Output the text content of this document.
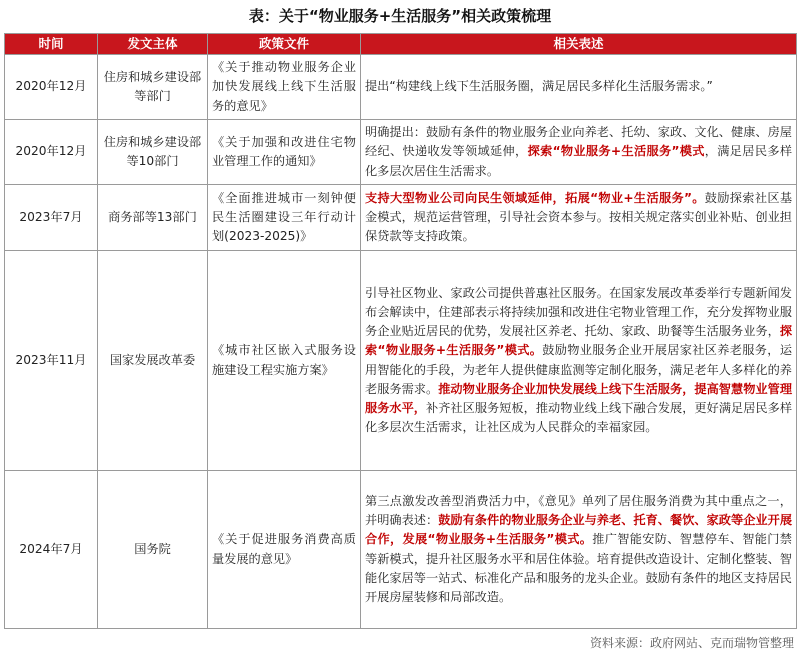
表：关于“物业服务+生活服务”相关政策梳理
时间	发文主体	政策文件	相关表述
2020年12月	住房和城乡建设部等部门	《关于推动物业服务企业加快发展线上线下生活服务的意见》	提出“构建线上线下生活服务圈，满足居民多样化生活服务需求。”
2020年12月	住房和城乡建设部等10部门	《关于加强和改进住宅物业管理工作的通知》	明确提出：鼓励有条件的物业服务企业向养老、托幼、家政、文化、健康、房屋经纪、快递收发等领域延伸，探索“物业服务+生活服务”模式，满足居民多样化多层次居住生活需求。
2023年7月	商务部等13部门	《全面推进城市一刻钟便民生活圈建设三年行动计划(2023-2025)》	支持大型物业公司向民生领域延伸，拓展“物业+生活服务”。鼓励探索社区基金模式，规范运营管理，引导社会资本参与。按相关规定落实创业补贴、创业担保贷款等支持政策。
2023年11月	国家发展改革委	《城市社区嵌入式服务设施建设工程实施方案》	引导社区物业、家政公司提供普惠社区服务。在国家发展改革委举行专题新闻发布会解读中，住建部表示将持续加强和改进住宅物业管理工作，充分发挥物业服务企业贴近居民的优势，发展社区养老、托幼、家政、助餐等生活服务业务，探索“物业服务+生活服务”模式。鼓励物业服务企业开展居家社区养老服务，运用智能化的手段，为老年人提供健康监测等定制化服务，满足老年人多样化的养老服务需求。推动物业服务企业加快发展线上线下生活服务，提高智慧物业管理服务水平，补齐社区服务短板，推动物业线上线下融合发展，更好满足居民多样化多层次生活需求，让社区成为人民群众的幸福家园。
2024年7月	国务院	《关于促进服务消费高质量发展的意见》	第三点激发改善型消费活力中，《意见》单列了居住服务消费为其中重点之一，并明确表述：鼓励有条件的物业服务企业与养老、托育、餐饮、家政等企业开展合作，发展“物业服务+生活服务”模式。推广智能安防、智慧停车、智能门禁等新模式，提升社区服务水平和居住体验。培育提供改造设计、定制化整装、智能化家居等一站式、标准化产品和服务的龙头企业。鼓励有条件的地区支持居民开展房屋装修和局部改造。
资料来源：政府网站、克而瑞物管整理
